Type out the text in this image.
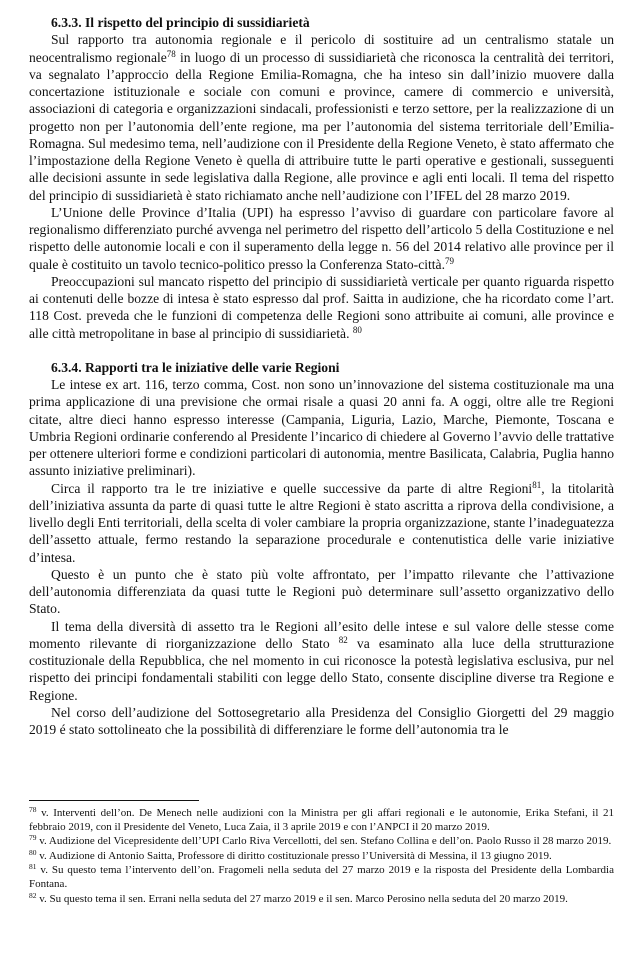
6.3.3. Il rispetto del principio di sussidiarietà

Sul rapporto tra autonomia regionale e il pericolo di sostituire ad un centralismo statale un neocentralismo regionale$^{78}$ in luogo di un processo di sussidiarietà che riconosca la centralità dei territori, va segnalato l’approccio della Regione Emilia-Romagna, che ha inteso sin dall’inizio muovere dalla concertazione istituzionale e sociale con comuni e province, camere di commercio e università, associazioni di categoria e organizzazioni sindacali, professionisti e terzo settore, per la realizzazione di un progetto non per l’autonomia dell’ente regione, ma per l’autonomia del sistema territoriale dell’Emilia-Romagna. Sul medesimo tema, nell’audizione con il Presidente della Regione Veneto, è stato affermato che l’impostazione della Regione Veneto è quella di attribuire tutte le parti operative e gestionali, susseguenti alle decisioni assunte in sede legislativa dalla Regione, alle province e agli enti locali. Il tema del rispetto del principio di sussidiarietà è stato richiamato anche nell’audizione con l’IFEL del 28 marzo 2019.

L’Unione delle Province d’Italia (UPI) ha espresso l’avviso di guardare con particolare favore al regionalismo differenziato purché avvenga nel perimetro del rispetto dell’articolo 5 della Costituzione e nel rispetto delle autonomie locali e con il superamento della legge n. 56 del 2014 relativo alle province per il quale è costituito un tavolo tecnico-politico presso la Conferenza Stato-città.$^{79}$

Preoccupazioni sul mancato rispetto del principio di sussidiarietà verticale per quanto riguarda rispetto ai contenuti delle bozze di intesa è stato espresso dal prof. Saitta in audizione, che ha ricordato come l’art. 118 Cost. preveda che le funzioni di competenza delle Regioni sono attribuite ai comuni, alle province e alle città metropolitane in base al principio di sussidiarietà. $^{80}$

6.3.4. Rapporti tra le iniziative delle varie Regioni

Le intese ex art. 116, terzo comma, Cost. non sono un’innovazione del sistema costituzionale ma una prima applicazione di una previsione che ormai risale a quasi 20 anni fa. A oggi, oltre alle tre Regioni citate, altre dieci hanno espresso interesse (Campania, Liguria, Lazio, Marche, Piemonte, Toscana e Umbria Regioni ordinarie conferendo al Presidente l’incarico di chiedere al Governo l’avvio delle trattative per ottenere ulteriori forme e condizioni particolari di autonomia, mentre Basilicata, Calabria, Puglia hanno assunto iniziative preliminari).

Circa il rapporto tra le tre iniziative e quelle successive da parte di altre Regioni$^{81}$, la titolarità dell’iniziativa assunta da parte di quasi tutte le altre Regioni è stato ascritta a riprova della condivisione, a livello degli Enti territoriali, della scelta di voler cambiare la propria organizzazione, stante l’inadeguatezza dell’assetto attuale, fermo restando la separazione procedurale e contenutistica delle varie iniziative d’intesa.

Questo è un punto che è stato più volte affrontato, per l’impatto rilevante che l’attivazione dell’autonomia differenziata da quasi tutte le Regioni può determinare sull’assetto organizzativo dello Stato.

Il tema della diversità di assetto tra le Regioni all’esito delle intese e sul valore delle stesse come momento rilevante di riorganizzazione dello Stato $^{82}$ va esaminato alla luce della strutturazione costituzionale della Repubblica, che nel momento in cui riconosce la potestà legislativa esclusiva, pur nel rispetto dei principi fondamentali stabiliti con legge dello Stato, consente discipline diverse tra Regione e Regione.

Nel corso dell’audizione del Sottosegretario alla Presidenza del Consiglio Giorgetti del 29 maggio 2019 é stato sottolineato che la possibilità di differenziare le forme dell’autonomia tra le

$^{78}$ v. Interventi dell’on. De Menech nelle audizioni con la Ministra per gli affari regionali e le autonomie, Erika Stefani, il 21 febbraio 2019, con il Presidente del Veneto, Luca Zaia, il 3 aprile 2019 e con l’ANPCI il 20 marzo 2019.
$^{79}$ v. Audizione del Vicepresidente dell’UPI Carlo Riva Vercellotti, del sen. Stefano Collina e dell’on. Paolo Russo il 28 marzo 2019.
$^{80}$ v. Audizione di Antonio Saitta, Professore di diritto costituzionale presso l’Università di Messina, il 13 giugno 2019.
$^{81}$ v. Su questo tema l’intervento dell’on. Fragomeli nella seduta del 27 marzo 2019 e la risposta del Presidente della Lombardia Fontana.
$^{82}$ v. Su questo tema il sen. Errani nella seduta del 27 marzo 2019 e il sen. Marco Perosino nella seduta del 20 marzo 2019.
